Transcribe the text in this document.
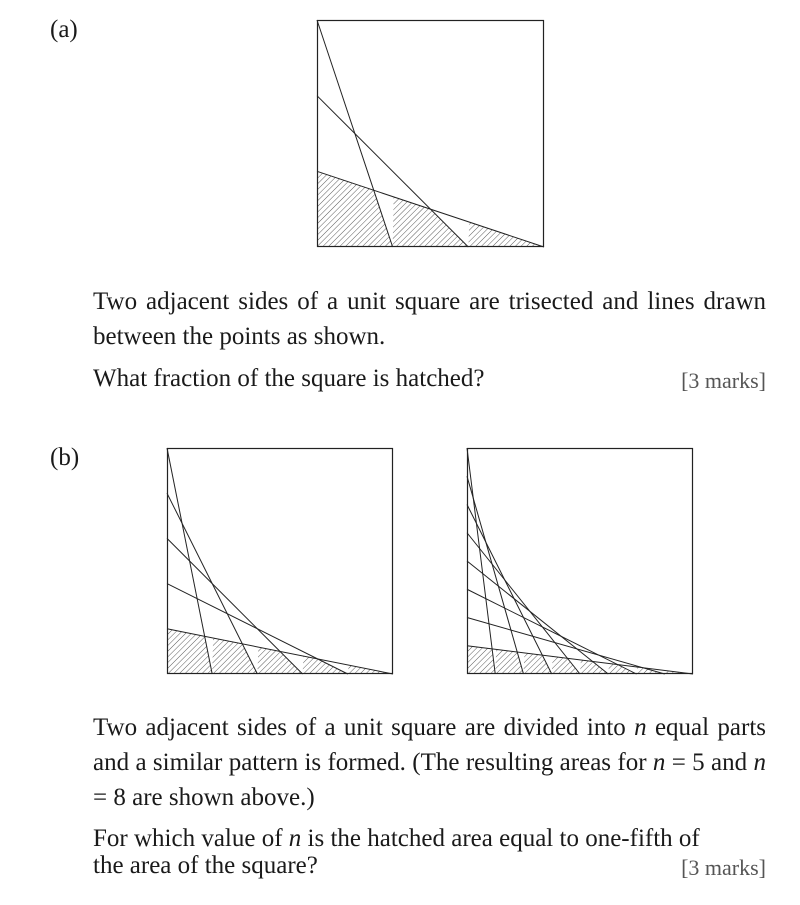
(a)
Two adjacent sides of a unit square are trisected and lines drawn between the points as shown.
What fraction of the square is hatched?	[3 marks]
(b)
Two adjacent sides of a unit square are divided into n equal parts and a similar pattern is formed. (The resulting areas for n = 5 and n = 8 are shown above.)
For which value of n is the hatched area equal to one-fifth of
the area of the square?	[3 marks]
